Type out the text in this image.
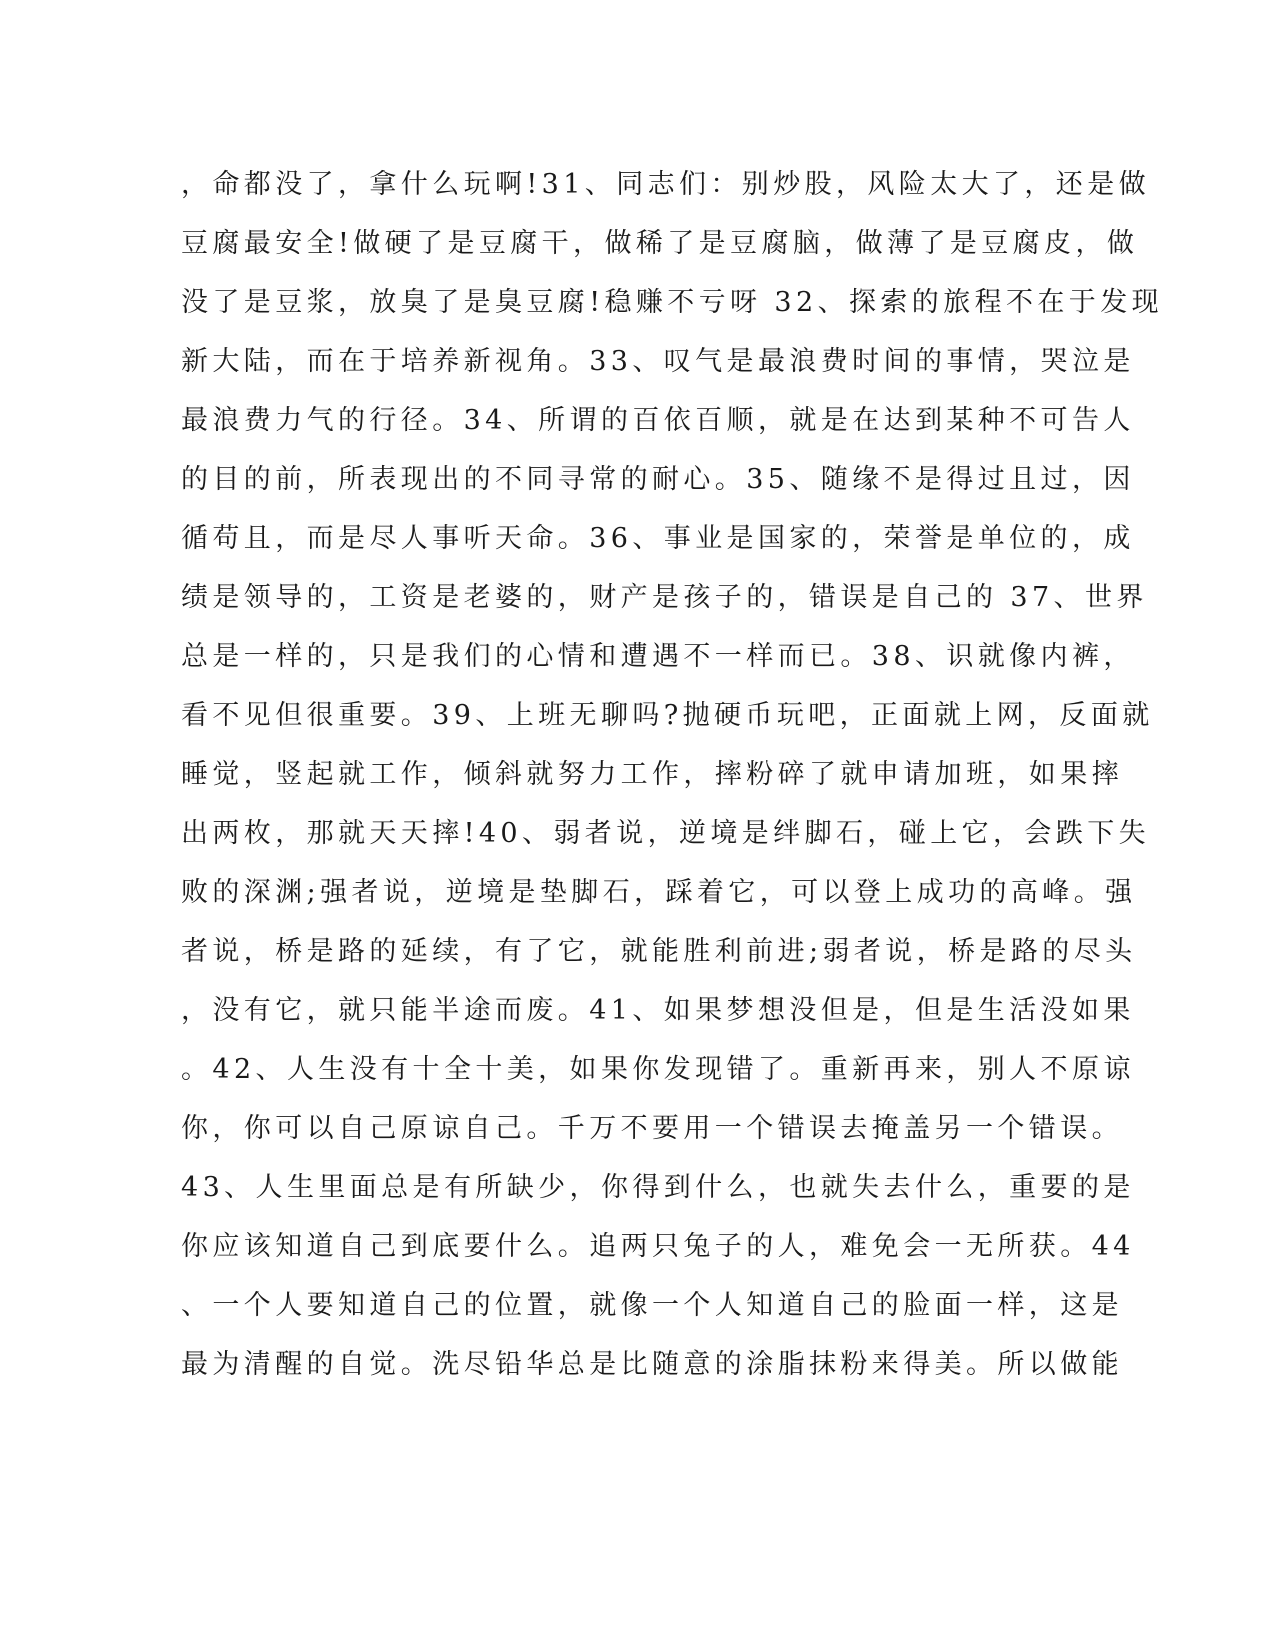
，命都没了，拿什么玩啊!31、同志们：别炒股，风险太大了，还是做
豆腐最安全!做硬了是豆腐干，做稀了是豆腐脑，做薄了是豆腐皮，做
没了是豆浆，放臭了是臭豆腐!稳赚不亏呀 32、探索的旅程不在于发现
新大陆，而在于培养新视角。33、叹气是最浪费时间的事情，哭泣是
最浪费力气的行径。34、所谓的百依百顺，就是在达到某种不可告人
的目的前，所表现出的不同寻常的耐心。35、随缘不是得过且过，因
循苟且，而是尽人事听天命。36、事业是国家的，荣誉是单位的，成
绩是领导的，工资是老婆的，财产是孩子的，错误是自己的 37、世界
总是一样的，只是我们的心情和遭遇不一样而已。38、识就像内裤，
看不见但很重要。39、上班无聊吗?抛硬币玩吧，正面就上网，反面就
睡觉，竖起就工作，倾斜就努力工作，摔粉碎了就申请加班，如果摔
出两枚，那就天天摔!40、弱者说，逆境是绊脚石，碰上它，会跌下失
败的深渊;强者说，逆境是垫脚石，踩着它，可以登上成功的高峰。强
者说，桥是路的延续，有了它，就能胜利前进;弱者说，桥是路的尽头
，没有它，就只能半途而废。41、如果梦想没但是，但是生活没如果
。42、人生没有十全十美，如果你发现错了。重新再来，别人不原谅
你，你可以自己原谅自己。千万不要用一个错误去掩盖另一个错误。
43、人生里面总是有所缺少，你得到什么，也就失去什么，重要的是
你应该知道自己到底要什么。追两只兔子的人，难免会一无所获。44
、一个人要知道自己的位置，就像一个人知道自己的脸面一样，这是
最为清醒的自觉。洗尽铅华总是比随意的涂脂抹粉来得美。所以做能
